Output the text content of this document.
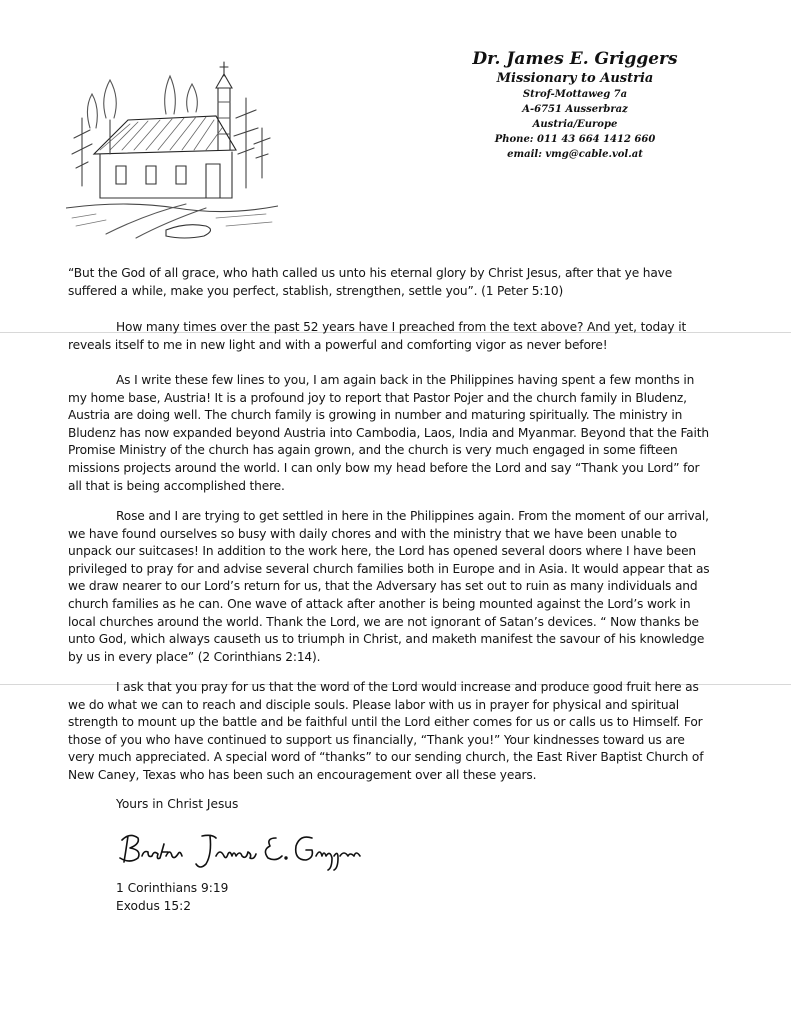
Dr. James E. Griggers
Missionary to Austria
Strof-Mottaweg 7a
A-6751 Ausserbraz
Austria/Europe
Phone: 011 43 664 1412 660
email: vmg@cable.vol.at
“But the God of all grace, who hath called us unto his eternal glory by Christ Jesus, after that ye have suffered a while, make you perfect, stablish, strengthen, settle you”. (1 Peter 5:10)
How many times over the past 52 years have I preached from the text above? And yet, today it reveals itself to me in new light and with a powerful and comforting vigor as never before!
As I write these few lines to you, I am again back in the Philippines having spent a few months in my home base, Austria! It is a profound joy to report that Pastor Pojer and the church family in Bludenz, Austria are doing well. The church family is growing in number and maturing spiritually. The ministry in Bludenz has now expanded beyond Austria into Cambodia, Laos, India and Myanmar. Beyond that the Faith Promise Ministry of the church has again grown, and the church is very much engaged in some fifteen missions projects around the world. I can only bow my head before the Lord and say “Thank you Lord” for all that is being accomplished there.
Rose and I are trying to get settled in here in the Philippines again. From the moment of our arrival, we have found ourselves so busy with daily chores and with the ministry that we have been unable to unpack our suitcases! In addition to the work here, the Lord has opened several doors where I have been privileged to pray for and advise several church families both in Europe and in Asia. It would appear that as we draw nearer to our Lord’s return for us, that the Adversary has set out to ruin as many individuals and church families as he can. One wave of attack after another is being mounted against the Lord’s work in local churches around the world. Thank the Lord, we are not ignorant of Satan’s devices. “ Now thanks be unto God, which always causeth us to triumph in Christ, and maketh manifest the savour of his knowledge by us in every place” (2 Corinthians 2:14).
I ask that you pray for us that the word of the Lord would increase and produce good fruit here as we do what we can to reach and disciple souls. Please labor with us in prayer for physical and spiritual strength to mount up the battle and be faithful until the Lord either comes for us or calls us to Himself. For those of you who have continued to support us financially, “Thank you!” Your kindnesses toward us are very much appreciated. A special word of “thanks” to our sending church, the East River Baptist Church of New Caney, Texas who has been such an encouragement over all these years.
Yours in Christ Jesus
1 Corinthians 9:19
Exodus 15:2
